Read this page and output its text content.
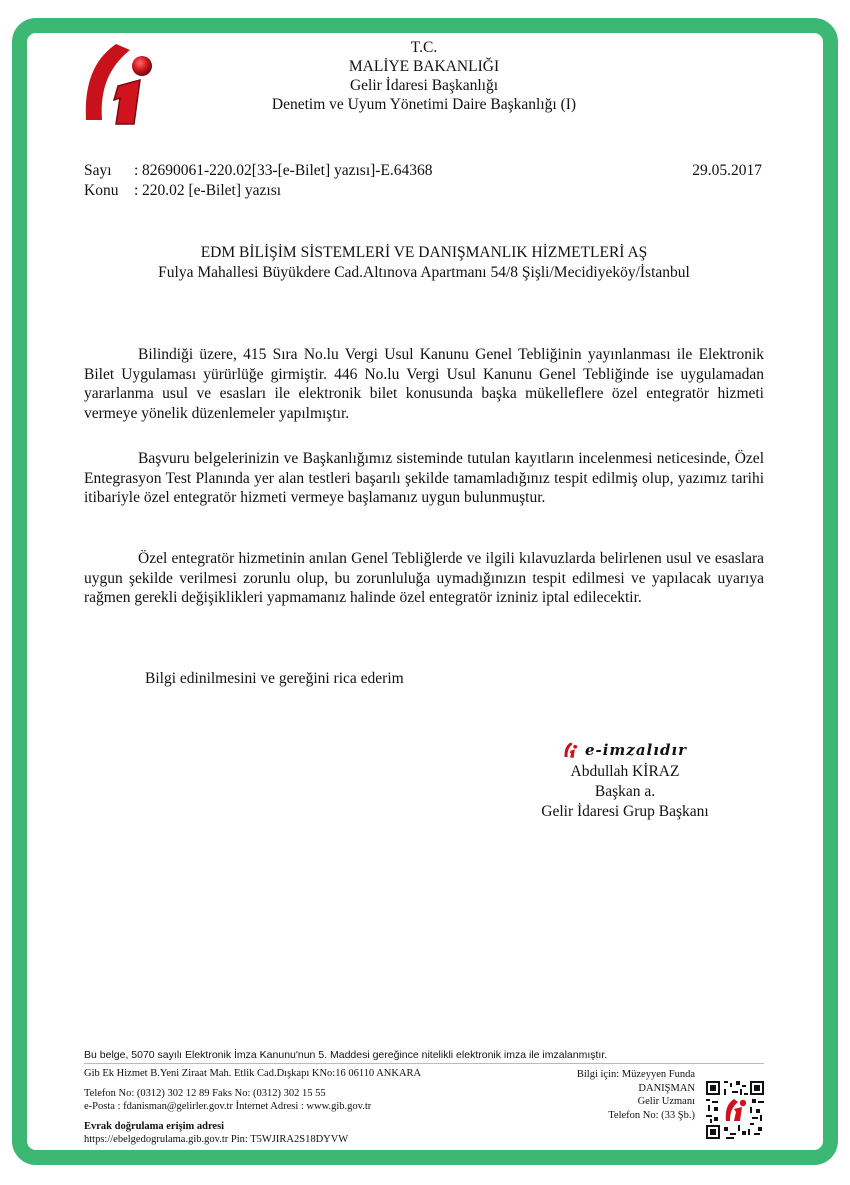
T.C.
MALİYE BAKANLIĞI
Gelir İdaresi Başkanlığı
Denetim ve Uyum Yönetimi Daire Başkanlığı (I)
Sayı	: 82690061-220.02[33-[e-Bilet] yazısı]-E.64368
Konu	: 220.02 [e-Bilet] yazısı
29.05.2017
EDM BİLİŞİM SİSTEMLERİ VE DANIŞMANLIK HİZMETLERİ AŞ
Fulya Mahallesi Büyükdere Cad.Altınova Apartmanı 54/8 Şişli/Mecidiyeköy/İstanbul
Bilindiği üzere, 415 Sıra No.lu Vergi Usul Kanunu Genel Tebliğinin yayınlanması ile Elektronik Bilet Uygulaması yürürlüğe girmiştir. 446 No.lu Vergi Usul Kanunu Genel Tebliğinde ise uygulamadan yararlanma usul ve esasları ile elektronik bilet konusunda başka mükelleflere özel entegratör hizmeti vermeye yönelik düzenlemeler yapılmıştır.
Başvuru belgelerinizin ve Başkanlığımız sisteminde tutulan kayıtların incelenmesi neticesinde, Özel Entegrasyon Test Planında yer alan testleri başarılı şekilde tamamladığınız tespit edilmiş olup, yazımız tarihi itibariyle özel entegratör hizmeti vermeye başlamanız uygun bulunmuştur.
Özel entegratör hizmetinin anılan Genel Tebliğlerde ve ilgili kılavuzlarda belirlenen usul ve esaslara uygun şekilde verilmesi zorunlu olup, bu zorunluluğa uymadığınızın tespit edilmesi ve yapılacak uyarıya rağmen gerekli değişiklikleri yapmamanız halinde özel entegratör izniniz iptal edilecektir.
Bilgi edinilmesini ve gereğini rica ederim
e-imzalıdır
Abdullah KİRAZ
Başkan a.
Gelir İdaresi Grup Başkanı
Bu belge, 5070 sayılı Elektronik İmza Kanunu'nun 5. Maddesi gereğince nitelikli elektronik imza ile imzalanmıştır.
Gib Ek Hizmet B.Yeni Ziraat Mah. Etlik Cad.Dışkapı KNo:16 06110 ANKARA
Telefon No: (0312) 302 12 89 Faks No: (0312) 302 15 55
e-Posta : fdanisman@gelirler.gov.tr İnternet Adresi : www.gib.gov.tr
Evrak doğrulama erişim adresi
https://ebelgedogrulama.gib.gov.tr Pin: T5WJIRA2S18DYVW
Bilgi için: Müzeyyen Funda
DANIŞMAN
Gelir Uzmanı
Telefon No: (33 Şb.)
